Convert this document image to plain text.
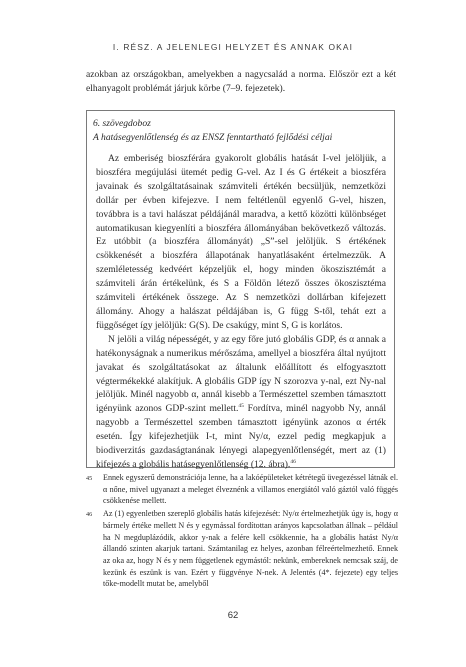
I. RÉSZ. A JELENLEGI HELYZET ÉS ANNAK OKAI

azokban az országokban, amelyekben a nagycsalád a norma. Először ezt a két elhanyagolt problémát járjuk körbe (7–9. fejezetek).

6. szövegdoboz
A hatásegyenlőtlenség és az ENSZ fenntartható fejlődési céljai

Az emberiség bioszférára gyakorolt globális hatását I-vel jelöljük, a bioszféra megújulási ütemét pedig G-vel. Az I és G értékeit a bioszféra javainak és szolgáltatásainak számviteli értékén becsüljük, nemzetközi dollár per évben kifejezve. I nem feltétlenül egyenlő G-vel, hiszen, továbbra is a tavi halászat példájánál maradva, a kettő közötti különbséget automatikusan kiegyenlíti a bioszféra állományában bekövetkező változás. Ez utóbbit (a bioszféra állományát) „S”-sel jelöljük. S értékének csökkenését a bioszféra állapotának hanyatlásaként értelmezzük. A szemléletesség kedvéért képzeljük el, hogy minden ökoszisztémát a számviteli árán értékelünk, és S a Földön létező összes ökoszisztéma számviteli értékének összege. Az S nemzetközi dollárban kifejezett állomány. Ahogy a halászat példájában is, G függ S-től, tehát ezt a függőséget így jelöljük: G(S). De csakúgy, mint S, G is korlátos.

N jelöli a világ népességét, y az egy főre jutó globális GDP, és α annak a hatékonyságnak a numerikus mérőszáma, amellyel a bioszféra által nyújtott javakat és szolgáltatásokat az általunk előállított és elfogyasztott végtermékekké alakítjuk. A globális GDP így N szorozva y-nal, ezt Ny-nal jelöljük. Minél nagyobb α, annál kisebb a Természettel szemben támasztott igényünk azonos GDP-szint mellett.$^{45}$ Fordítva, minél nagyobb Ny, annál nagyobb a Természettel szemben támasztott igényünk azonos α érték esetén. Így kifejezhetjük I-t, mint Ny/α, ezzel pedig megkapjuk a biodiverzitás gazdaságtanának lényegi alapegyenlőtlenségét, mert az (1) kifejezés a globális hatásegyenlőtlenség (12. ábra).$^{46}$

45	Ennek egyszerű demonstrációja lenne, ha a lakóépületeket kétrétegű üvegezéssel látnák el. α nőne, mivel ugyanazt a meleget élveznénk a villamos energiától való gáztól való függés csökkenése mellett.
46	Az (1) egyenletben szereplő globális hatás kifejezését: Ny/α értelmezhetjük úgy is, hogy α bármely értéke mellett N és y egymással fordítottan arányos kapcsolatban állnak – például ha N megduplázódik, akkor y-nak a felére kell csökkennie, ha a globális hatást Ny/α állandó szinten akarjuk tartani. Számtanilag ez helyes, azonban félreértelmezhető. Ennek az oka az, hogy N és y nem függetlenek egymástól: nekünk, embereknek nemcsak száj, de kezünk és eszünk is van. Ezért y függvénye N-nek. A Jelentés (4*. fejezete) egy teljes tőke-modellt mutat be, amelyből
62
